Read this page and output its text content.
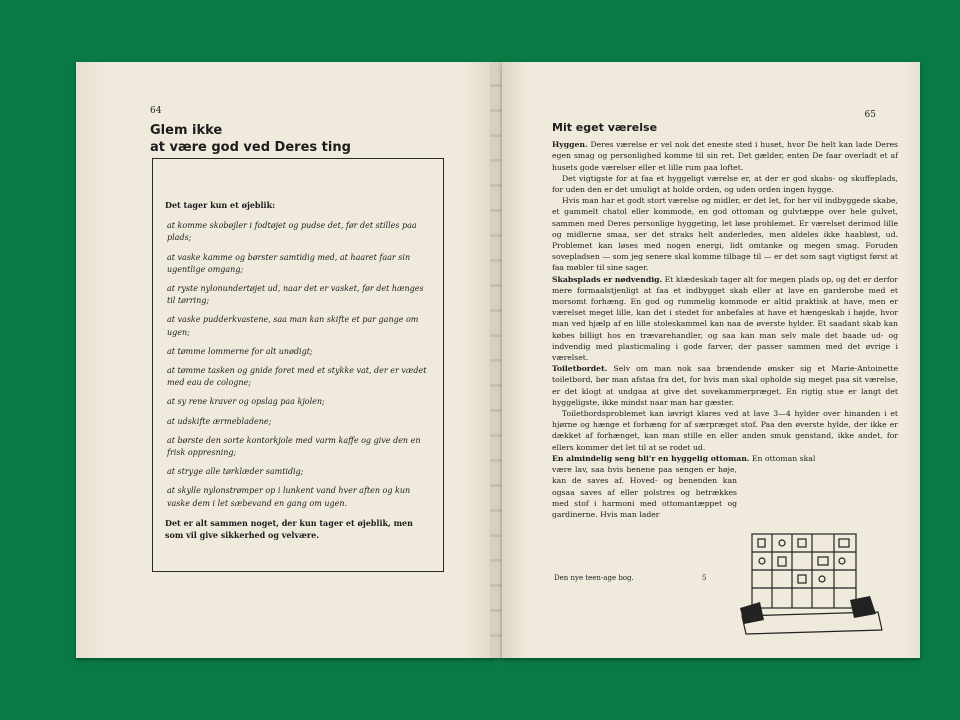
64
Glem ikke
at være god ved Deres ting
Det tager kun et øjeblik:
at komme skobøjler i fodtøjet og pudse det, før det stilles paa plads;
at vaske kamme og børster samtidig med, at haaret faar sin ugentlige omgang;
at ryste nylonundertøjet ud, naar det er vasket, før det hænges til tørring;
at vaske pudderkvastene, saa man kan skifte et par gange om ugen;
at tømme lommerne for alt unødigt;
at tømme tasken og gnide foret med et stykke vat, der er vædet med eau de cologne;
at sy rene kraver og opslag paa kjolen;
at udskifte ærmebladene;
at børste den sorte kontorkjole med varm kaffe og give den en frisk oppresning;
at stryge alle tørklæder samtidig;
at skylle nylonstrømper op i lunkent vand hver aften og kun vaske dem i let sæbevand en gang om ugen.
Det er alt sammen noget, der kun tager et øjeblik, men som vil give sikkerhed og velvære.
65
Mit eget værelse

Hyggen. Deres værelse er vel nok det eneste sted i huset, hvor De helt kan lade Deres egen smag og personlighed komme til sin ret. Det gælder, enten De faar overladt et af husets gode værelser eller et lille rum paa loftet.

Det vigtigste for at faa et hyggeligt værelse er, at der er god skabs- og skuffeplads, for uden den er det umuligt at holde orden, og uden orden ingen hygge.

Hvis man har et godt stort værelse og midler, er det let, for her vil indbyggede skabe, et gammelt chatol eller kommode, en god ottoman og gulvtæppe over hele gulvet, sammen med Deres personlige hyggeting, let løse problemet. Er værelset derimod lille og midlerne smaa, ser det straks helt anderledes, men aldeles ikke haabløst, ud. Problemet kan løses med nogen energi, lidt omtanke og megen smag. Foruden sovepladsen — som jeg senere skal komme tilbage til — er det som sagt vigtigst først at faa møbler til sine sager.

Skabsplads er nødvendig. Et klædeskab tager alt for megen plads op, og det er derfor mere formaalstjenligt at faa et indbygget skab eller at lave en garderobe med et morsomt forhæng. En god og rummelig kommode er altid praktisk at have, men er værelset meget lille, kan det i stedet for anbefales at have et hængeskab i højde, hvor man ved hjælp af en lille stoleskammel kan naa de øverste hylder. Et saadant skab kan købes billigt hos en trævarehandler, og saa kan man selv male det baade ud- og indvendig med plasticmaling i gode farver, der passer sammen med det øvrige i værelset.

Toiletbordet. Selv om man nok saa brændende ønsker sig et Marie-Antoinette toiletbord, bør man afstaa fra det, for hvis man skal opholde sig meget paa sit værelse, er det klogt at undgaa at give det sovekammerpræget. En rigtig stue er langt det hyggeligste, ikke mindst naar man har gæster.

Toiletbordsproblemet kan iøvrigt klares ved at lave 3—4 hylder over hinanden i et hjørne og hænge et forhæng for af særpræget stof. Paa den øverste hylde, der ikke er dækket af forhænget, kan man stille en eller anden smuk genstand, ikke andet, for ellers kommer det let til at se rodet ud.

En almindelig seng bli'r en hyggelig ottoman. En ottoman skal

være lav, saa hvis benene paa sengen er høje, kan de saves af. Hoved- og benenden kan ogsaa saves af eller polstres og betrækkes med stof i harmoni med ottomantæppet og gardinerne. Hvis man lader

Den nye teen-age bog.	5
